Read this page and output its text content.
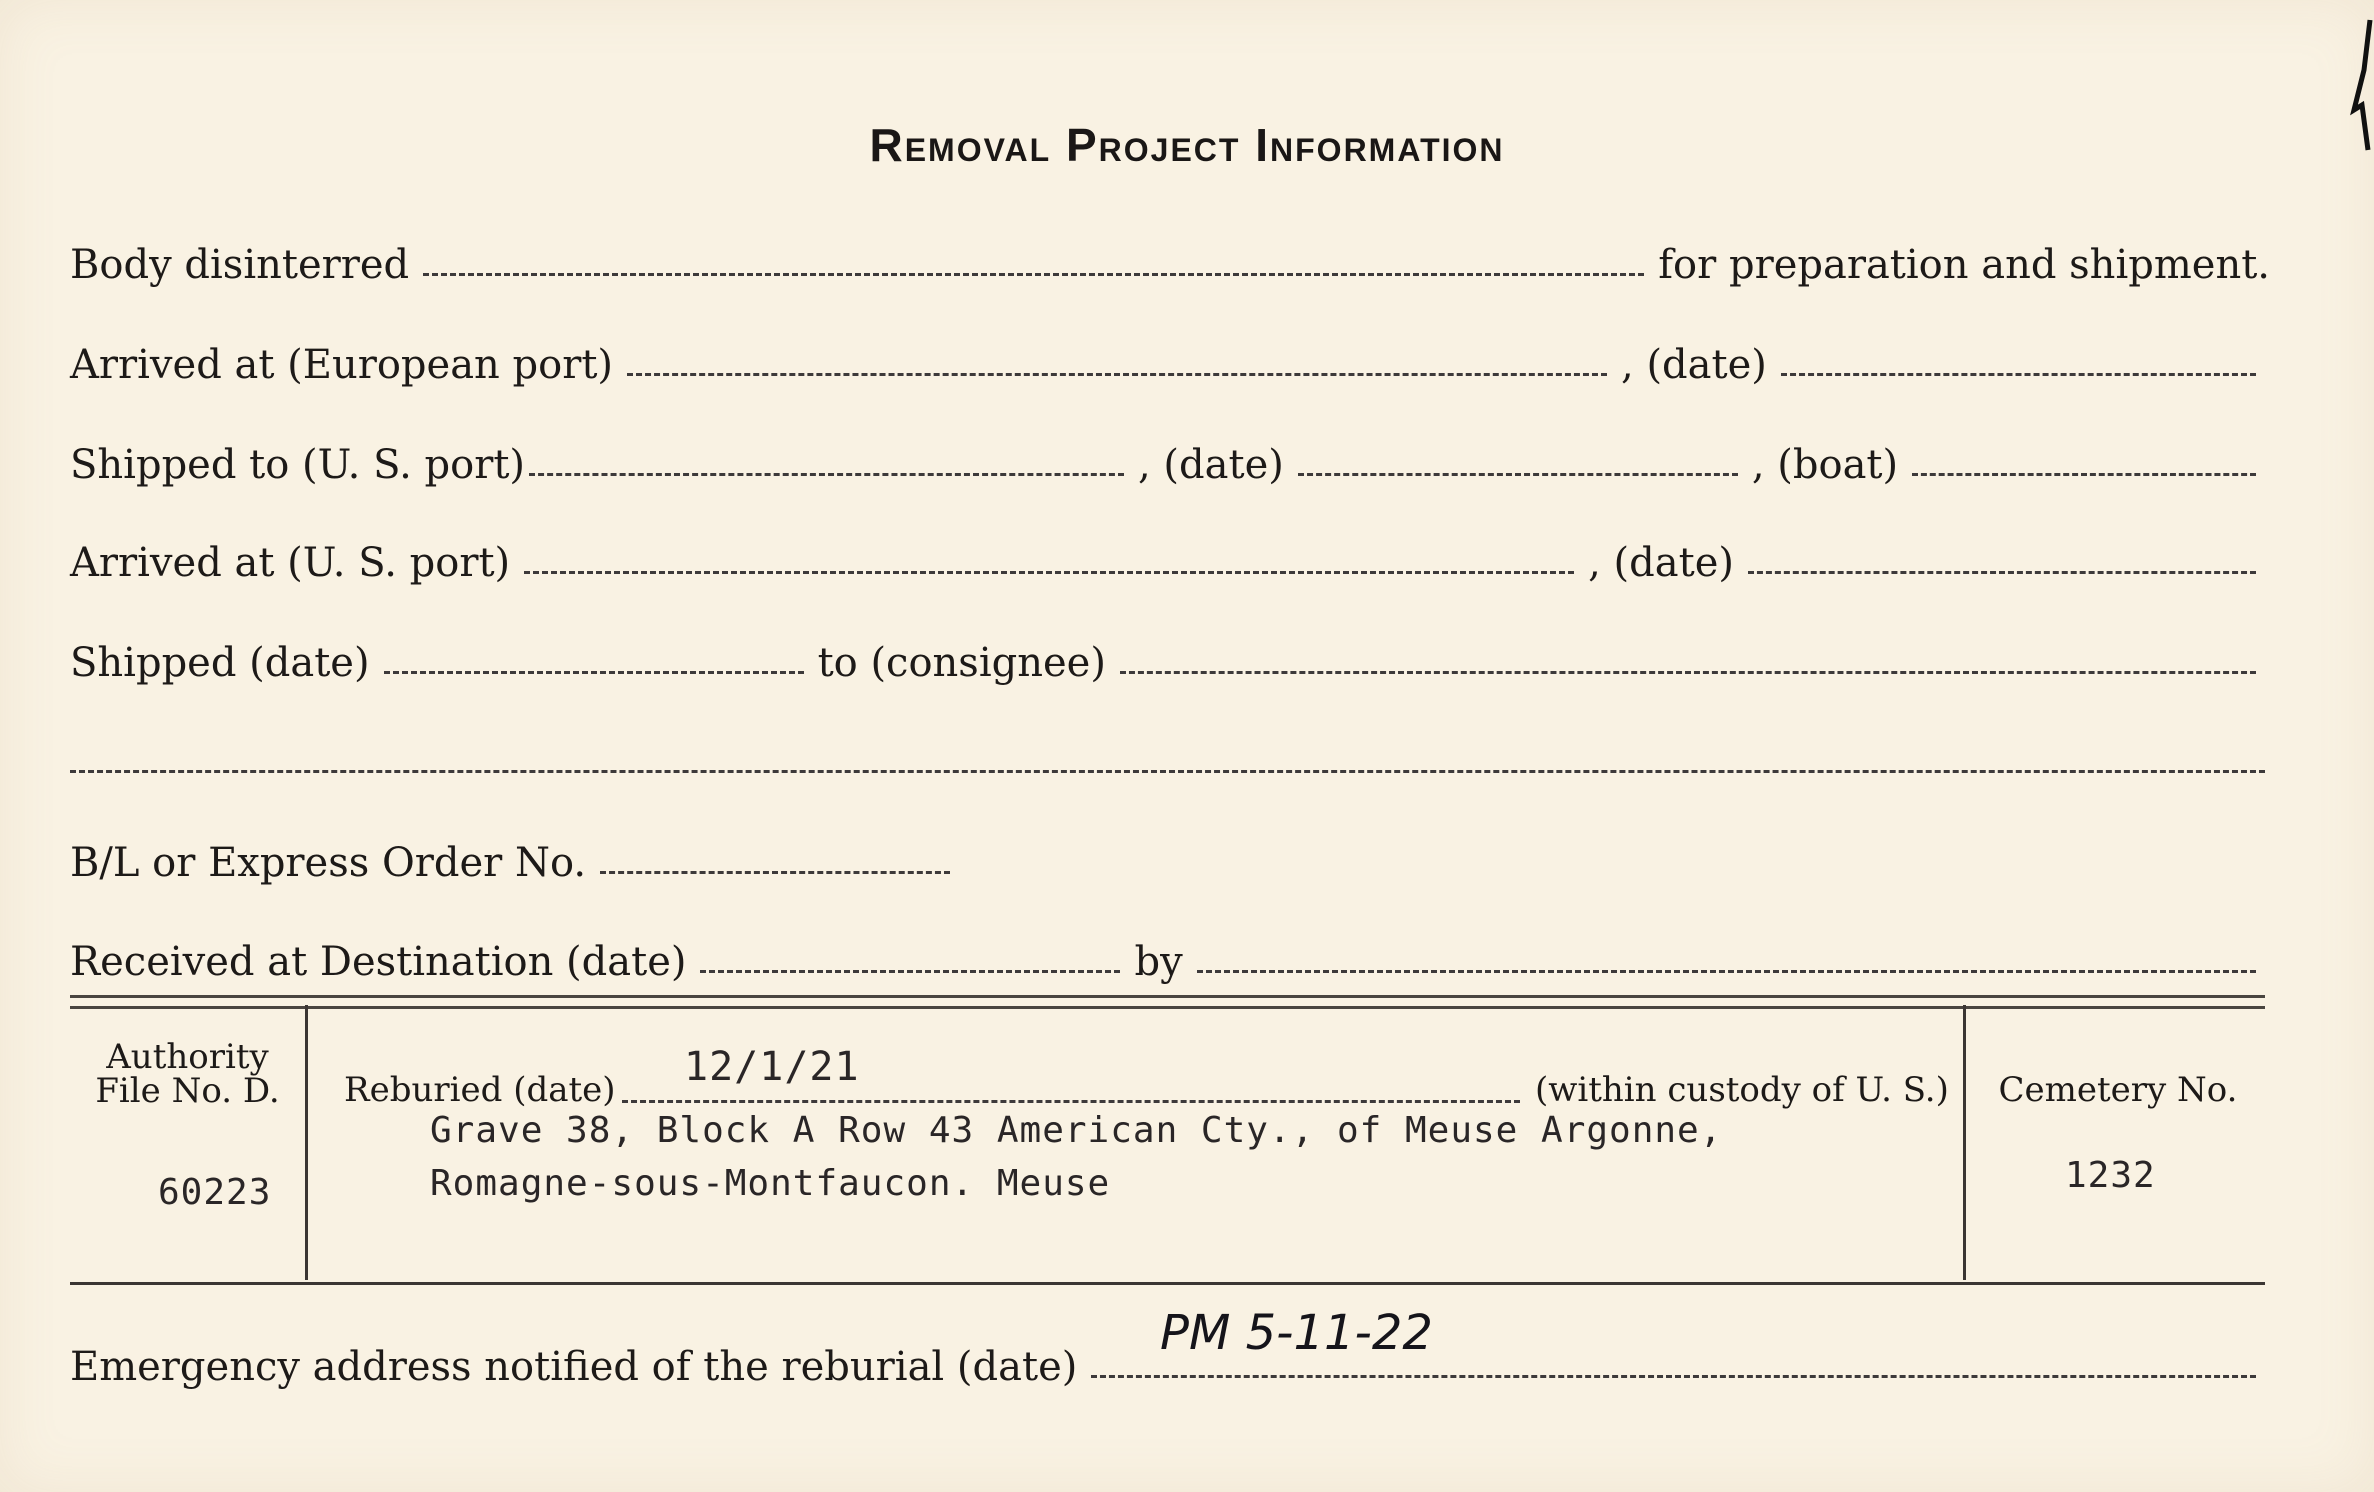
Removal Project Information
Body disinterred	for preparation and shipment.
Arrived at (European port)	, (date)
Shipped to (U. S. port)	, (date)	, (boat)
Arrived at (U. S. port)	, (date)
Shipped (date)	to (consignee)
B/L or Express Order No.
Received at Destination (date)	by
Authority
File No. D.
60223
Reburied (date) 12/1/21	(within custody of U. S.)
Grave 38, Block A Row 43 American Cty., of Meuse Argonne,
Romagne-sous-Montfaucon. Meuse
Cemetery No.
1232
Emergency address notified of the reburial (date)
PM 5-11-22
